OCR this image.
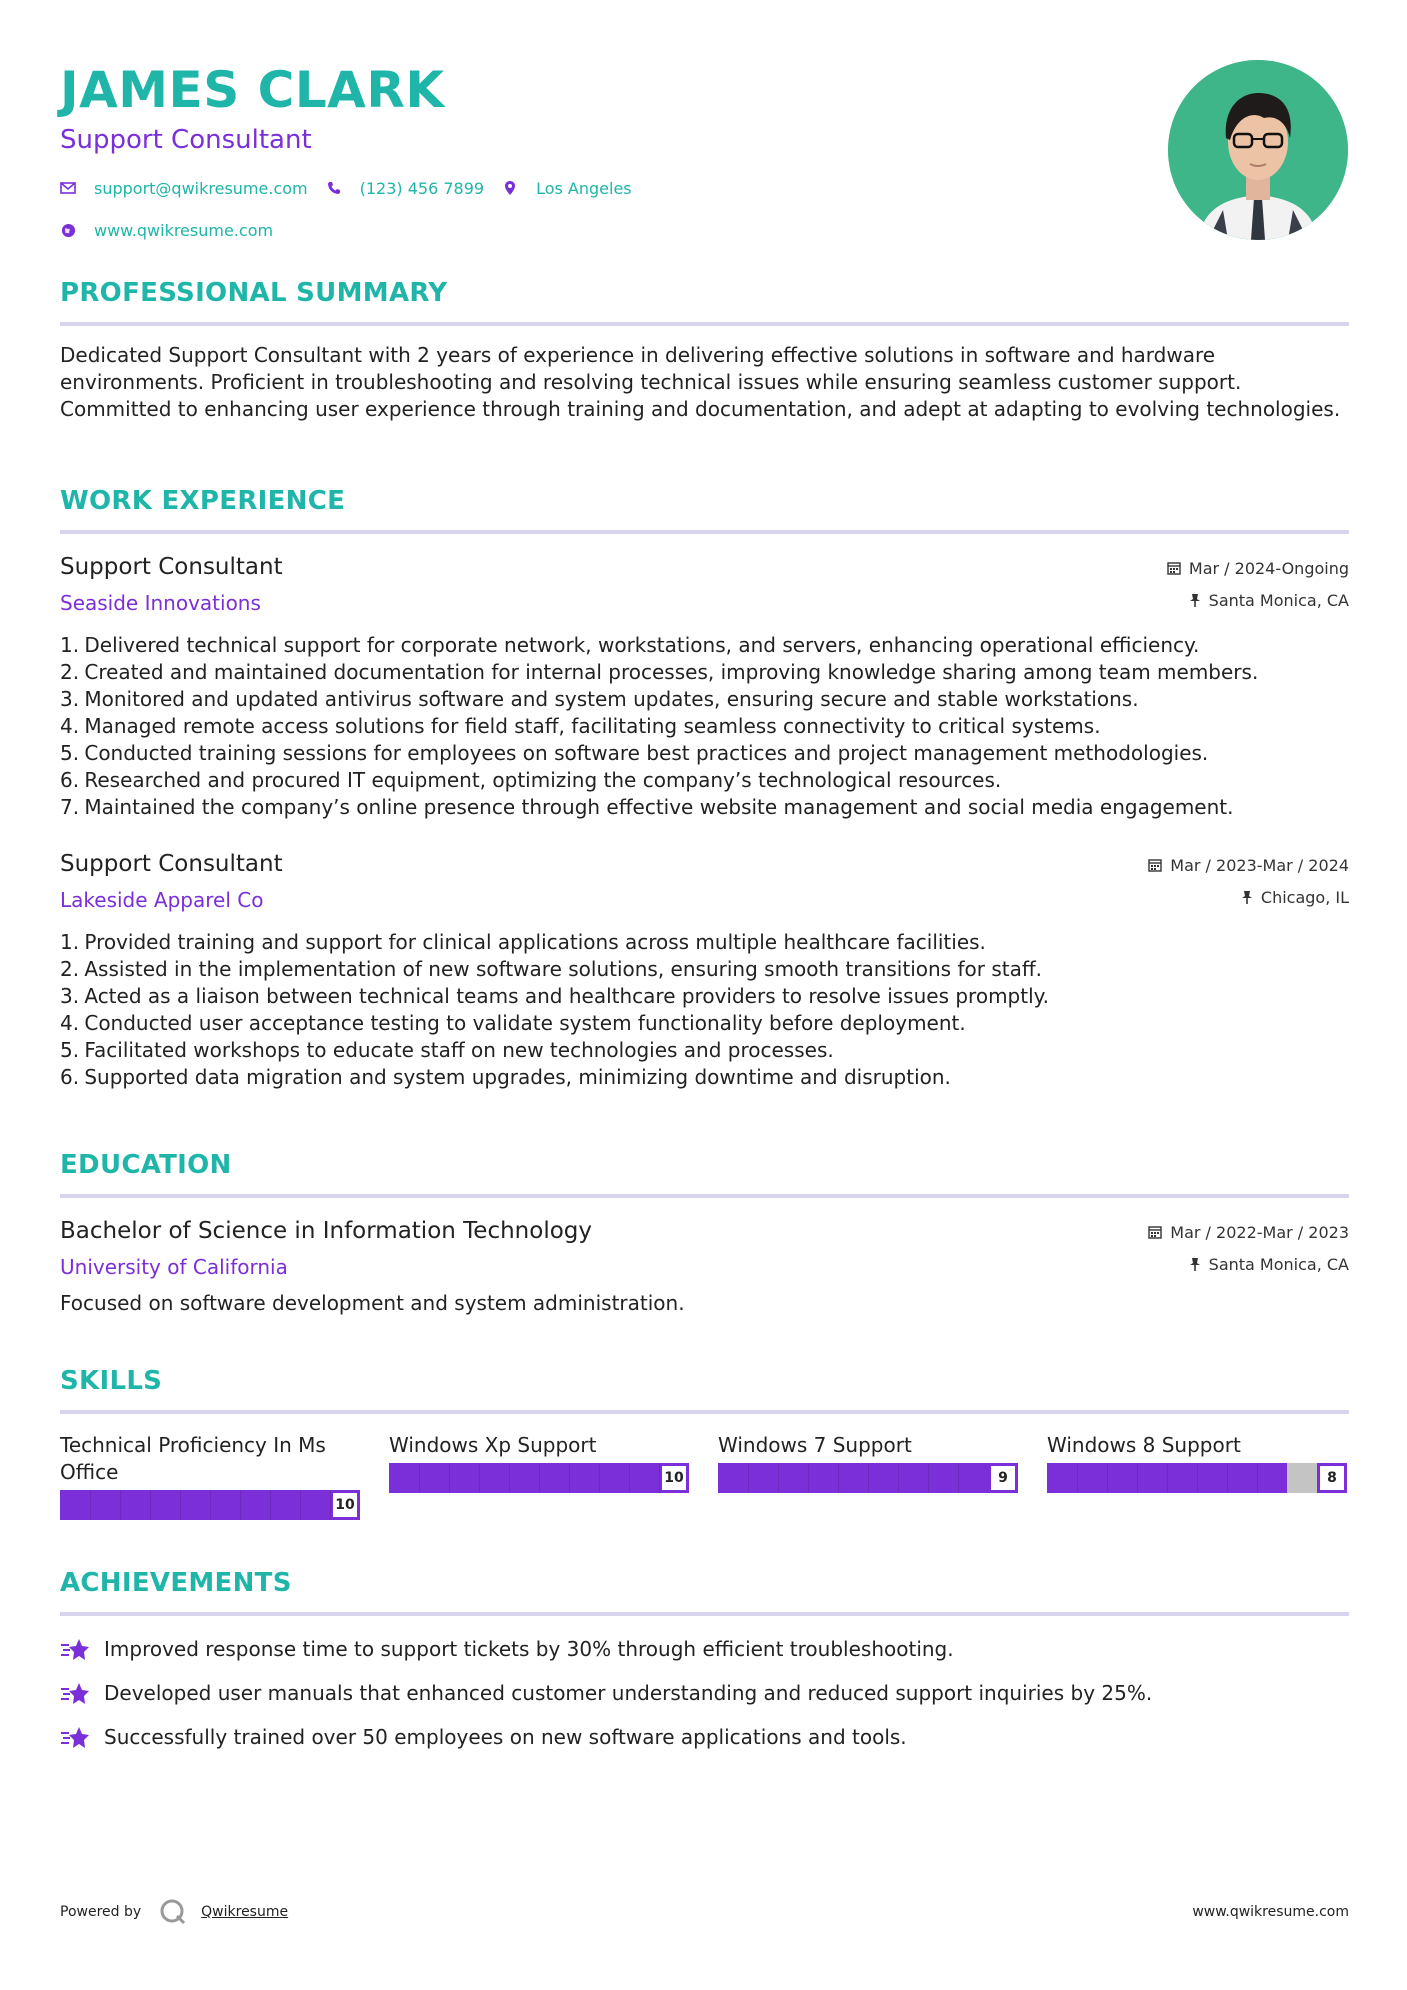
JAMES CLARK
Support Consultant
support@qwikresume.com	(123) 456 7899	Los Angeles
www.qwikresume.com
PROFESSIONAL SUMMARY
Dedicated Support Consultant with 2 years of experience in delivering effective solutions in software and hardware environments. Proficient in troubleshooting and resolving technical issues while ensuring seamless customer support. Committed to enhancing user experience through training and documentation, and adept at adapting to evolving technologies.
WORK EXPERIENCE
Support Consultant
Seaside Innovations
Mar / 2024-Ongoing
Santa Monica, CA
1.
Delivered technical support for corporate network, workstations, and servers, enhancing operational efficiency.
2.
Created and maintained documentation for internal processes, improving knowledge sharing among team members.
3.
Monitored and updated antivirus software and system updates, ensuring secure and stable workstations.
4.
Managed remote access solutions for field staff, facilitating seamless connectivity to critical systems.
5.
Conducted training sessions for employees on software best practices and project management methodologies.
6.
Researched and procured IT equipment, optimizing the company’s technological resources.
7.
Maintained the company’s online presence through effective website management and social media engagement.
Support Consultant
Lakeside Apparel Co
Mar / 2023-Mar / 2024
Chicago, IL
1.
Provided training and support for clinical applications across multiple healthcare facilities.
2.
Assisted in the implementation of new software solutions, ensuring smooth transitions for staff.
3.
Acted as a liaison between technical teams and healthcare providers to resolve issues promptly.
4.
Conducted user acceptance testing to validate system functionality before deployment.
5.
Facilitated workshops to educate staff on new technologies and processes.
6.
Supported data migration and system upgrades, minimizing downtime and disruption.
EDUCATION
Bachelor of Science in Information Technology
University of California
Mar / 2022-Mar / 2023
Santa Monica, CA
Focused on software development and system administration.
SKILLS
Technical Proficiency In Ms Office
10
Windows Xp Support
10
Windows 7 Support
9
Windows 8 Support
8
ACHIEVEMENTS
Improved response time to support tickets by 30% through efficient troubleshooting.
Developed user manuals that enhanced customer understanding and reduced support inquiries by 25%.
Successfully trained over 50 employees on new software applications and tools.
Powered by	Qwikresume	www.qwikresume.com
